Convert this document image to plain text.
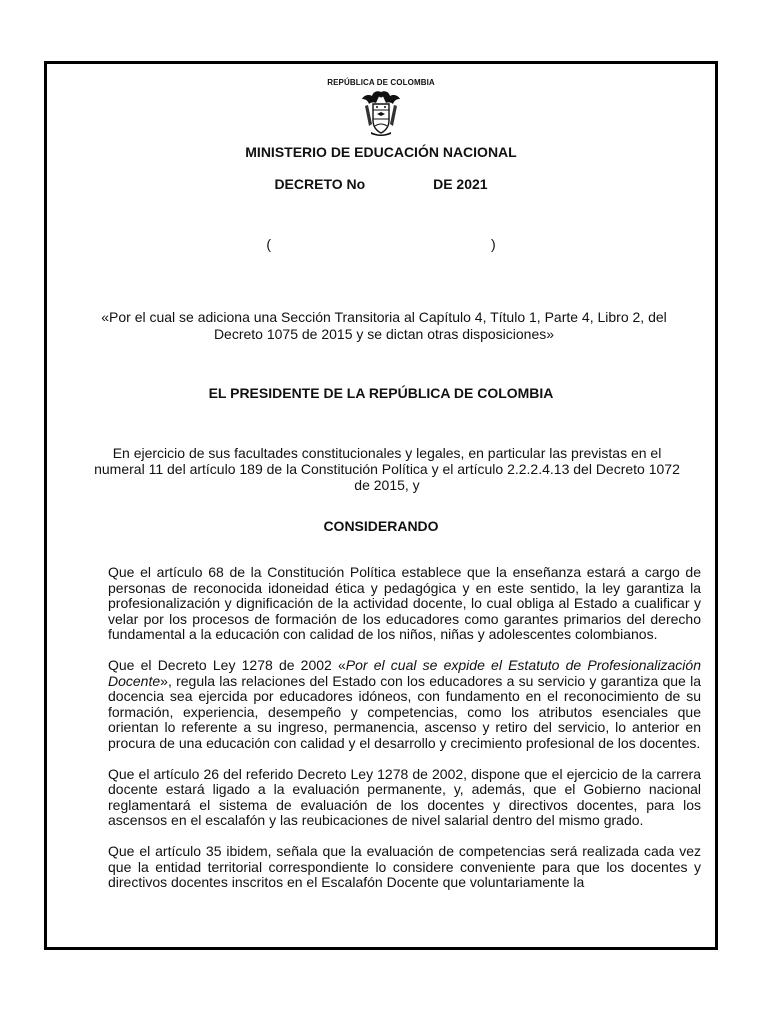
REPÚBLICA DE COLOMBIA
MINISTERIO DE EDUCACIÓN NACIONAL
DECRETO No	DE 2021
(	)
«Por el cual se adiciona una Sección Transitoria al Capítulo 4, Título 1, Parte 4, Libro 2, del Decreto 1075 de 2015 y se dictan otras disposiciones»
EL PRESIDENTE DE LA REPÚBLICA DE COLOMBIA
En ejercicio de sus facultades constitucionales y legales, en particular las previstas en el numeral 11 del artículo 189 de la Constitución Política y el artículo 2.2.2.4.13 del Decreto 1072 de 2015, y
CONSIDERANDO

Que el artículo 68 de la Constitución Política establece que la enseñanza estará a cargo de personas de reconocida idoneidad ética y pedagógica y en este sentido, la ley garantiza la profesionalización y dignificación de la actividad docente, lo cual obliga al Estado a cualificar y velar por los procesos de formación de los educadores como garantes primarios del derecho fundamental a la educación con calidad de los niños, niñas y adolescentes colombianos.

Que el Decreto Ley 1278 de 2002 «Por el cual se expide el Estatuto de Profesionalización Docente», regula las relaciones del Estado con los educadores a su servicio y garantiza que la docencia sea ejercida por educadores idóneos, con fundamento en el reconocimiento de su formación, experiencia, desempeño y competencias, como los atributos esenciales que orientan lo referente a su ingreso, permanencia, ascenso y retiro del servicio, lo anterior en procura de una educación con calidad y el desarrollo y crecimiento profesional de los docentes.

Que el artículo 26 del referido Decreto Ley 1278 de 2002, dispone que el ejercicio de la carrera docente estará ligado a la evaluación permanente, y, además, que el Gobierno nacional reglamentará el sistema de evaluación de los docentes y directivos docentes, para los ascensos en el escalafón y las reubicaciones de nivel salarial dentro del mismo grado.

Que el artículo 35 ibidem, señala que la evaluación de competencias será realizada cada vez que la entidad territorial correspondiente lo considere conveniente para que los docentes y directivos docentes inscritos en el Escalafón Docente que voluntariamente la
